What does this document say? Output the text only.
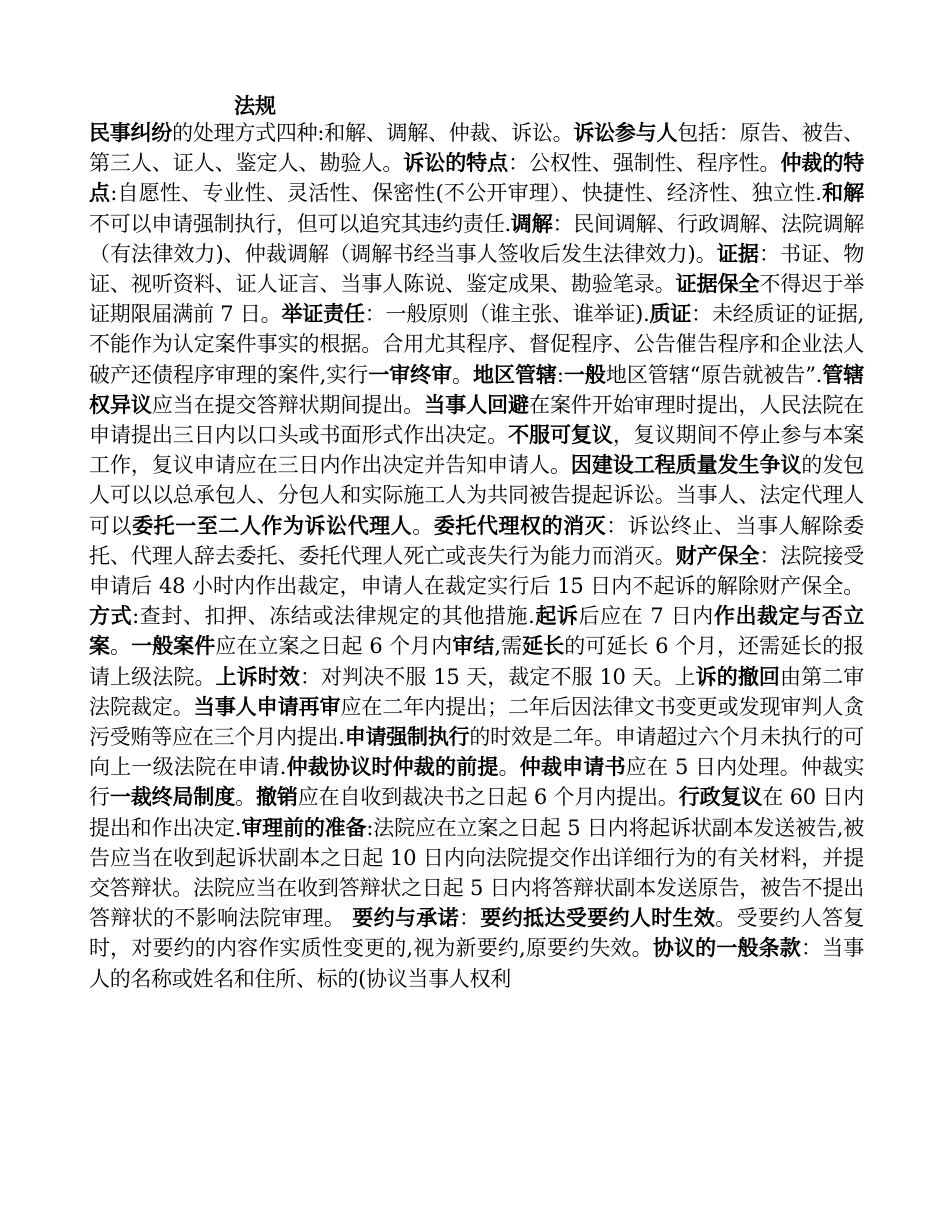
法规

民事纠纷的处理方式四种:和解、调解、仲裁、诉讼。诉讼参与人包括：原告、被告、第三人、证人、鉴定人、勘验人。诉讼的特点：公权性、强制性、程序性。仲裁的特点:自愿性、专业性、灵活性、保密性(不公开审理）、快捷性、经济性、独立性.和解不可以申请强制执行，但可以追究其违约责任.调解：民间调解、行政调解、法院调解（有法律效力)、仲裁调解（调解书经当事人签收后发生法律效力)。证据：书证、物证、视听资料、证人证言、当事人陈说、鉴定成果、勘验笔录。证据保全不得迟于举证期限届满前 7 日。举证责任：一般原则（谁主张、谁举证).质证：未经质证的证据,不能作为认定案件事实的根据。合用尤其程序、督促程序、公告催告程序和企业法人破产还债程序审理的案件,实行一审终审。地区管辖:一般地区管辖“原告就被告”.管辖权异议应当在提交答辩状期间提出。当事人回避在案件开始审理时提出，人民法院在申请提出三日内以口头或书面形式作出决定。不服可复议，复议期间不停止参与本案工作，复议申请应在三日内作出决定并告知申请人。因建设工程质量发生争议的发包人可以以总承包人、分包人和实际施工人为共同被告提起诉讼。当事人、法定代理人可以委托一至二人作为诉讼代理人。委托代理权的消灭：诉讼终止、当事人解除委托、代理人辞去委托、委托代理人死亡或丧失行为能力而消灭。财产保全：法院接受申请后 48 小时内作出裁定，申请人在裁定实行后 15 日内不起诉的解除财产保全。方式:查封、扣押、冻结或法律规定的其他措施.起诉后应在 7 日内作出裁定与否立案。一般案件应在立案之日起 6 个月内审结,需延长的可延长 6 个月，还需延长的报请上级法院。上诉时效：对判决不服 15 天，裁定不服 10 天。上诉的撤回由第二审法院裁定。当事人申请再审应在二年内提出；二年后因法律文书变更或发现审判人贪污受贿等应在三个月内提出.申请强制执行的时效是二年。申请超过六个月未执行的可向上一级法院在申请.仲裁协议时仲裁的前提。仲裁申请书应在 5 日内处理。仲裁实行一裁终局制度。撤销应在自收到裁决书之日起 6 个月内提出。行政复议在 60 日内提出和作出决定.审理前的准备:法院应在立案之日起 5 日内将起诉状副本发送被告,被告应当在收到起诉状副本之日起 10 日内向法院提交作出详细行为的有关材料，并提交答辩状。法院应当在收到答辩状之日起 5 日内将答辩状副本发送原告，被告不提出答辩状的不影响法院审理。 要约与承诺：要约抵达受要约人时生效。受要约人答复时，对要约的内容作实质性变更的,视为新要约,原要约失效。协议的一般条款：当事人的名称或姓名和住所、标的(协议当事人权利
